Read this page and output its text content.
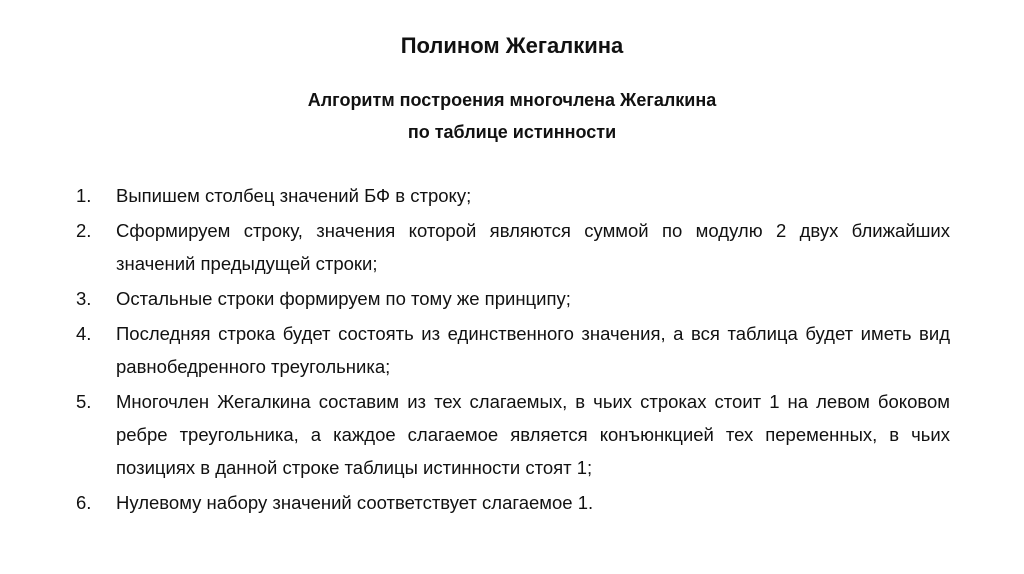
Полином Жегалкина
Алгоритм построения многочлена Жегалкина
по таблице истинности
1.	Выпишем столбец значений БФ в строку;
2.	Сформируем строку, значения которой являются суммой по модулю 2 двух ближайших значений предыдущей строки;
3.	Остальные строки формируем по тому же принципу;
4.	Последняя строка будет состоять из единственного значения, а вся таблица будет иметь вид равнобедренного треугольника;
5.	Многочлен Жегалкина составим из тех слагаемых, в чьих строках стоит 1 на левом боковом ребре треугольника, а каждое слагаемое является конъюнкцией тех переменных, в чьих позициях в данной строке таблицы истинности стоят 1;
6.	Нулевому набору значений соответствует слагаемое 1.
